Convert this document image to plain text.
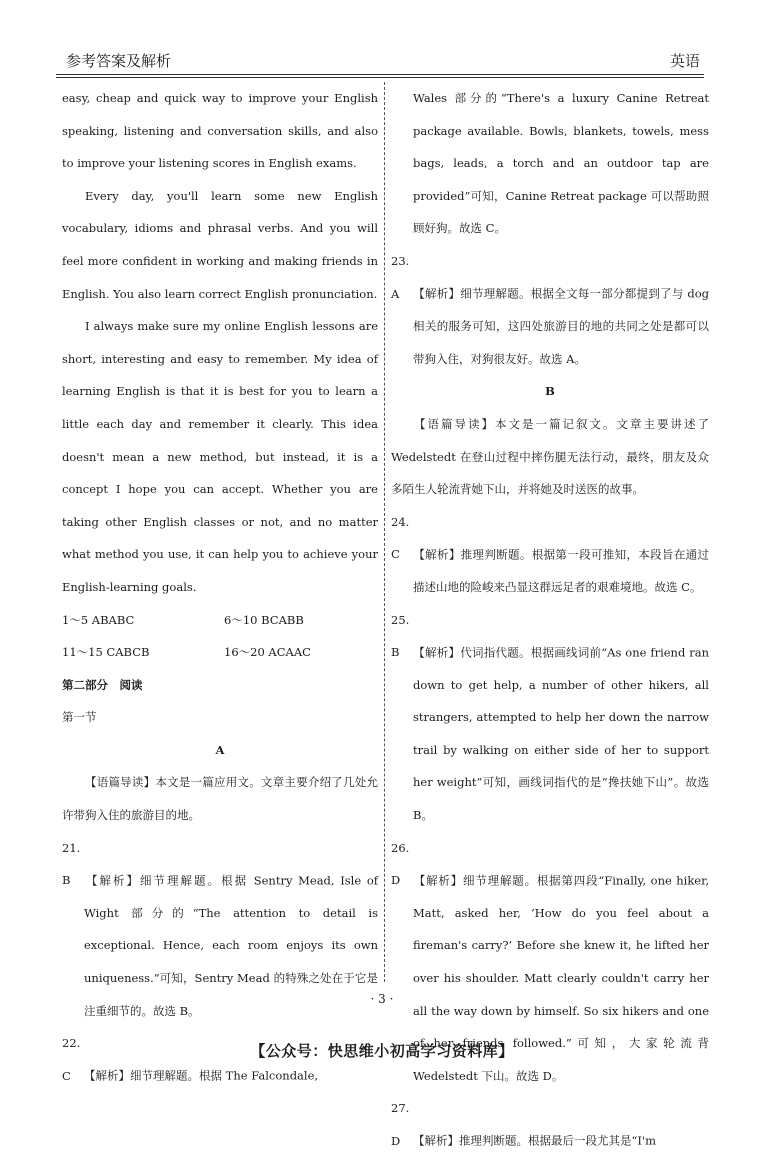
参考答案及解析	英语

easy, cheap and quick way to improve your English speaking, listening and conversation skills, and also to improve your listening scores in English exams.

Every day, you'll learn some new English vocabulary, idioms and phrasal verbs. And you will feel more confident in working and making friends in English. You also learn correct English pronunciation.

I always make sure my online English lessons are short, interesting and easy to remember. My idea of learning English is that it is best for you to learn a little each day and remember it clearly. This idea doesn't mean a new method, but instead, it is a concept I hope you can accept. Whether you are taking other English classes or not, and no matter what method you use, it can help you to achieve your English-learning goals.

1～5 ABABC	6～10 BCABB
11～15 CABCB	16～20 ACAAC

第二部分　阅读

第一节

A

【语篇导读】本文是一篇应用文。文章主要介绍了几处允许带狗入住的旅游目的地。

21. B 【解析】细节理解题。根据 Sentry Mead, Isle of Wight 部分的“The attention to detail is exceptional. Hence, each room enjoys its own uniqueness.”可知，Sentry Mead 的特殊之处在于它是注重细节的。故选 B。

22. C 【解析】细节理解题。根据 The Falcondale,

Wales 部分的“There's a luxury Canine Retreat package available. Bowls, blankets, towels, mess bags, leads, a torch and an outdoor tap are provided”可知，Canine Retreat package 可以帮助照顾好狗。故选 C。

23. A 【解析】细节理解题。根据全文每一部分都提到了与 dog 相关的服务可知，这四处旅游目的地的共同之处是都可以带狗入住，对狗很友好。故选 A。

B

【语篇导读】本文是一篇记叙文。文章主要讲述了 Wedelstedt 在登山过程中摔伤腿无法行动，最终，朋友及众多陌生人轮流背她下山，并将她及时送医的故事。

24. C 【解析】推理判断题。根据第一段可推知，本段旨在通过描述山地的险峻来凸显这群远足者的艰难境地。故选 C。

25. B 【解析】代词指代题。根据画线词前“As one friend ran down to get help, a number of other hikers, all strangers, attempted to help her down the narrow trail by walking on either side of her to support her weight”可知，画线词指代的是“搀扶她下山”。故选 B。

26. D 【解析】细节理解题。根据第四段“Finally, one hiker, Matt, asked her, ‘How do you feel about a fireman's carry?’ Before she knew it, he lifted her over his shoulder. Matt clearly couldn't carry her all the way down by himself. So six hikers and one of her friends followed.”可知，大家轮流背 Wedelstedt 下山。故选 D。

27. D 【解析】推理判断题。根据最后一段尤其是“I'm

· 3 ·
【公众号：快思维小初高学习资料库】
